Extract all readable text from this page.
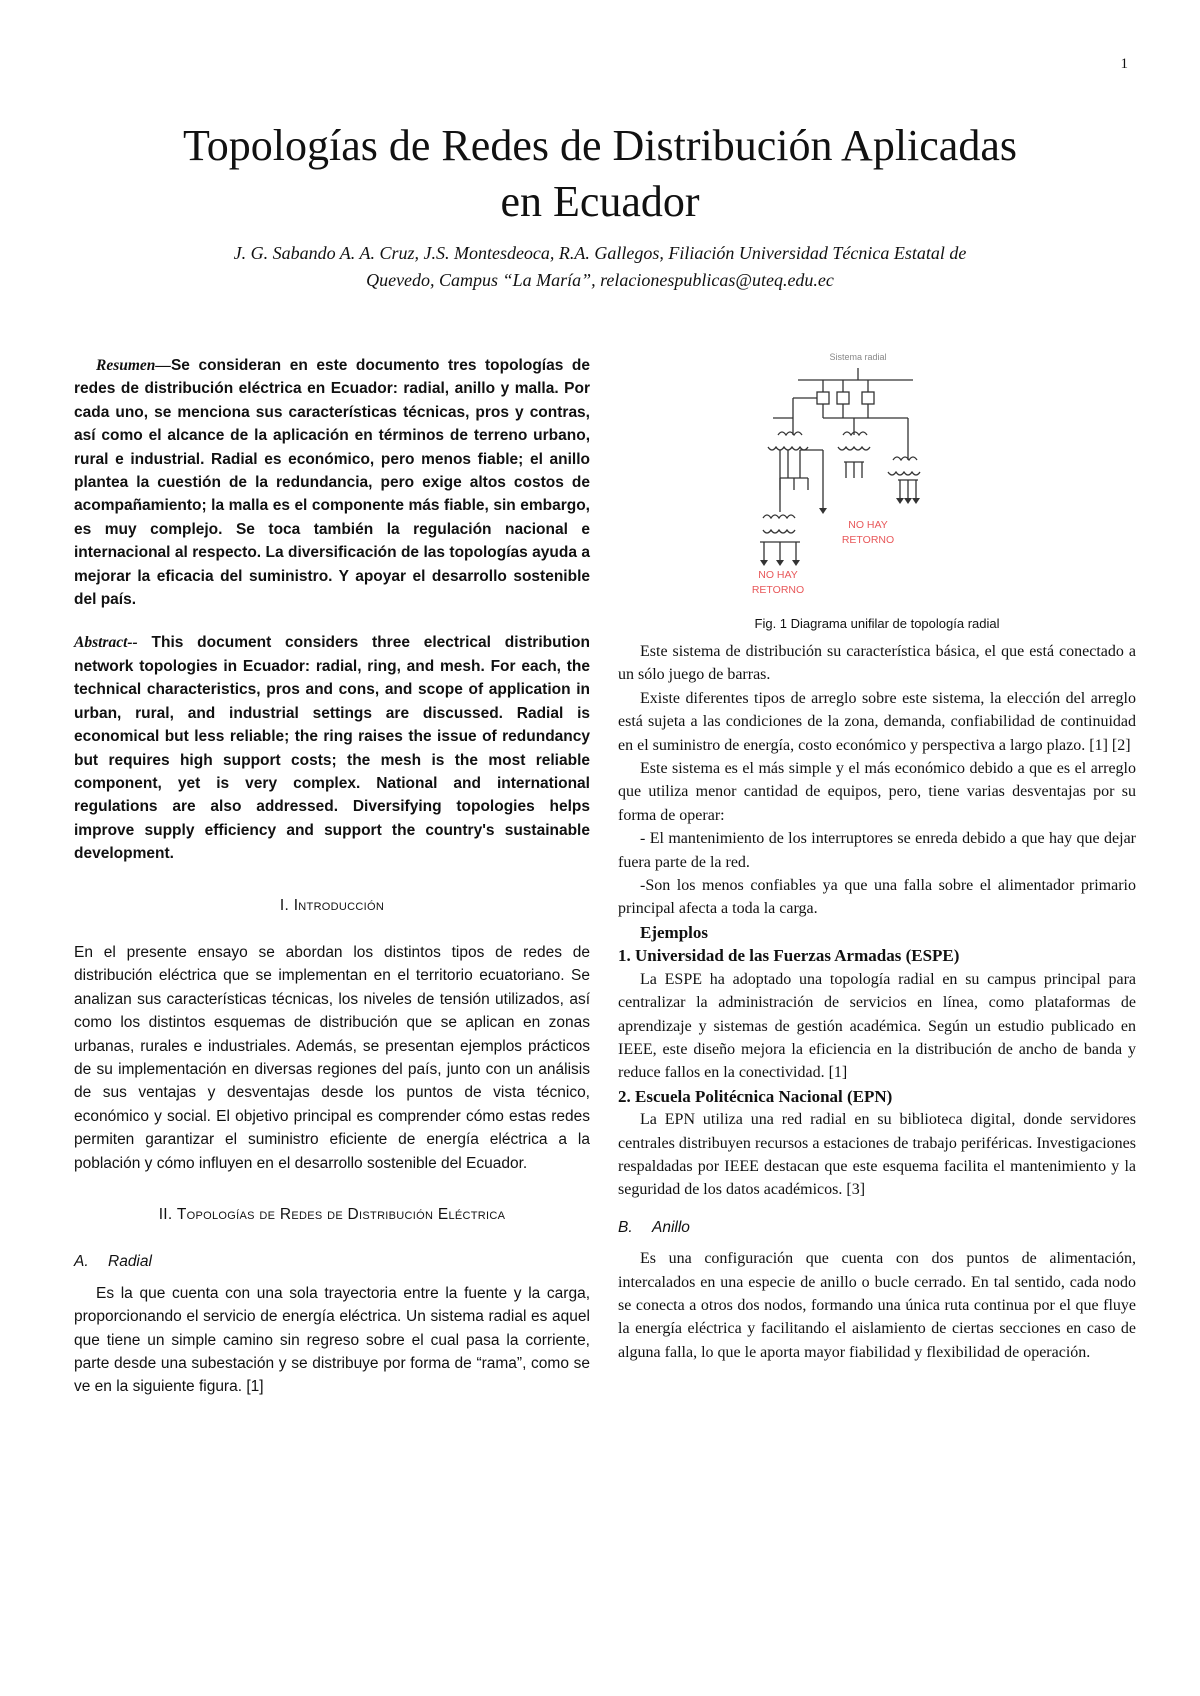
1
Topologías de Redes de Distribución Aplicadas
en Ecuador

J. G. Sabando A. A. Cruz, J.S. Montesdeoca, R.A. Gallegos, Filiación Universidad Técnica Estatal de
Quevedo, Campus “La María”, relacionespublicas@uteq.edu.ec

Resumen—Se consideran en este documento tres topologías de redes de distribución eléctrica en Ecuador: radial, anillo y malla. Por cada uno, se menciona sus características técnicas, pros y contras, así como el alcance de la aplicación en términos de terreno urbano, rural e industrial. Radial es económico, pero menos fiable; el anillo plantea la cuestión de la redundancia, pero exige altos costos de acompañamiento; la malla es el componente más fiable, sin embargo, es muy complejo. Se toca también la regulación nacional e internacional al respecto. La diversificación de las topologías ayuda a mejorar la eficacia del suministro. Y apoyar el desarrollo sostenible del país.

Abstract-- This document considers three electrical distribution network topologies in Ecuador: radial, ring, and mesh. For each, the technical characteristics, pros and cons, and scope of application in urban, rural, and industrial settings are discussed. Radial is economical but less reliable; the ring raises the issue of redundancy but requires high support costs; the mesh is the most reliable component, yet is very complex. National and international regulations are also addressed. Diversifying topologies helps improve supply efficiency and support the country's sustainable development.

I. Introducción

En el presente ensayo se abordan los distintos tipos de redes de distribución eléctrica que se implementan en el territorio ecuatoriano. Se analizan sus características técnicas, los niveles de tensión utilizados, así como los distintos esquemas de distribución que se aplican en zonas urbanas, rurales e industriales. Además, se presentan ejemplos prácticos de su implementación en diversas regiones del país, junto con un análisis de sus ventajas y desventajas desde los puntos de vista técnico, económico y social. El objetivo principal es comprender cómo estas redes permiten garantizar el suministro eficiente de energía eléctrica a la población y cómo influyen en el desarrollo sostenible del Ecuador.

II. Topologías de Redes de Distribución Eléctrica

A. Radial

Es la que cuenta con una sola trayectoria entre la fuente y la carga, proporcionando el servicio de energía eléctrica. Un sistema radial es aquel que tiene un simple camino sin regreso sobre el cual pasa la corriente, parte desde una subestación y se distribuye por forma de “rama”, como se ve en la siguiente figura. [1]

Sistema radial
NO HAY
RETORNO
NO HAY
RETORNO

Fig. 1 Diagrama unifilar de topología radial

Este sistema de distribución su característica básica, el que está conectado a un sólo juego de barras.

Existe diferentes tipos de arreglo sobre este sistema, la elección del arreglo está sujeta a las condiciones de la zona, demanda, confiabilidad de continuidad en el suministro de energía, costo económico y perspectiva a largo plazo. [1] [2]

Este sistema es el más simple y el más económico debido a que es el arreglo que utiliza menor cantidad de equipos, pero, tiene varias desventajas por su forma de operar:

- El mantenimiento de los interruptores se enreda debido a que hay que dejar fuera parte de la red.

-Son los menos confiables ya que una falla sobre el alimentador primario principal afecta a toda la carga.

Ejemplos

1. Universidad de las Fuerzas Armadas (ESPE)

La ESPE ha adoptado una topología radial en su campus principal para centralizar la administración de servicios en línea, como plataformas de aprendizaje y sistemas de gestión académica. Según un estudio publicado en IEEE, este diseño mejora la eficiencia en la distribución de ancho de banda y reduce fallos en la conectividad. [1]

2. Escuela Politécnica Nacional (EPN)

La EPN utiliza una red radial en su biblioteca digital, donde servidores centrales distribuyen recursos a estaciones de trabajo periféricas. Investigaciones respaldadas por IEEE destacan que este esquema facilita el mantenimiento y la seguridad de los datos académicos. [3]

B. Anillo

Es una configuración que cuenta con dos puntos de alimentación, intercalados en una especie de anillo o bucle cerrado. En tal sentido, cada nodo se conecta a otros dos nodos, formando una única ruta continua por el que fluye la energía eléctrica y facilitando el aislamiento de ciertas secciones en caso de alguna falla, lo que le aporta mayor fiabilidad y flexibilidad de operación.
